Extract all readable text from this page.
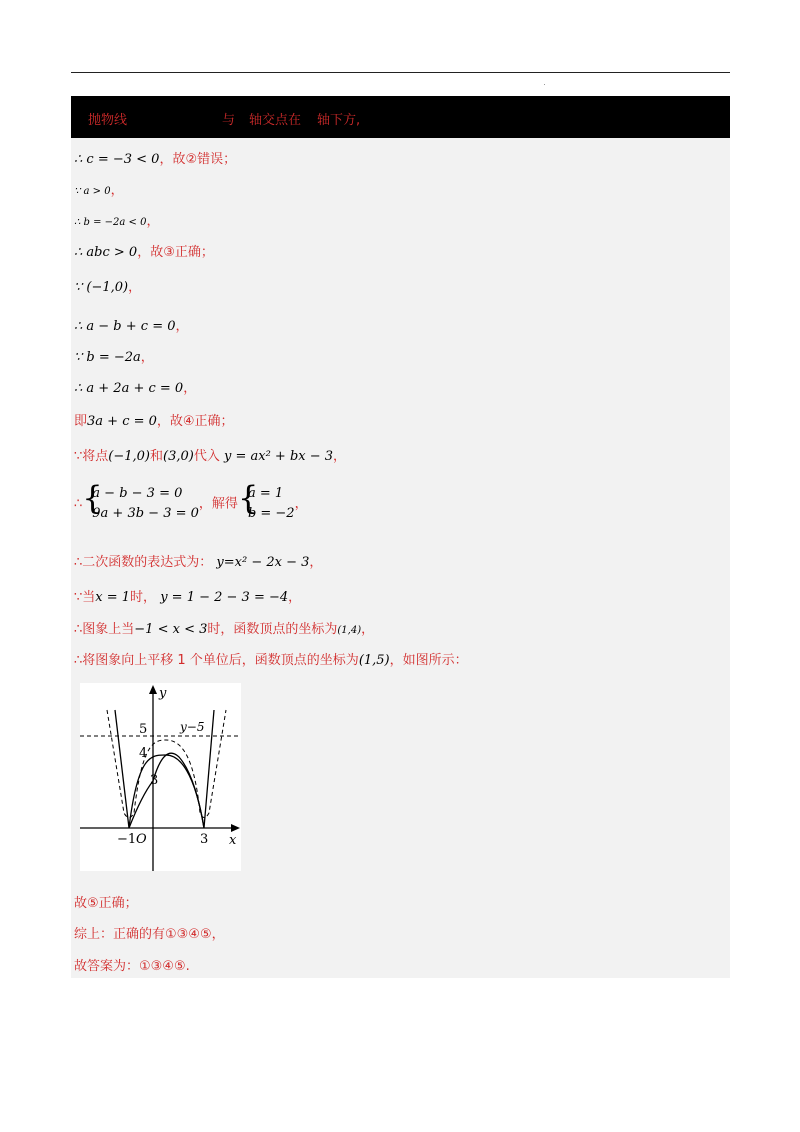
抛物线	与 轴交点在 轴下方,
∴ c = −3 < 0，故②错误；
∵ a > 0，
∴ b = −2a < 0，
∴ abc > 0，故③正确；
∵ (−1,0)，
∴ a − b + c = 0，
∵ b = −2a，
∴ a + 2a + c = 0，
即3a + c = 0，故④正确；
∵将点(−1,0)和(3,0)代入 y = ax² + bx − 3，
∴ {
a − b − 3 = 0
9a + 3b − 3 = 0
，解得 {
a = 1
b = −2
，
∴二次函数的表达式为： y=x² − 2x − 3，
∵当x = 1时， y = 1 − 2 − 3 = −4，
∴图象上当−1 < x < 3时，函数顶点的坐标为(1,4)，
∴将图象向上平移 1 个单位后，函数顶点的坐标为(1,5)，如图所示：
y
x
O
−1	3
5
4
3
y−5
故⑤正确；
综上：正确的有①③④⑤，
故答案为：①③④⑤.
